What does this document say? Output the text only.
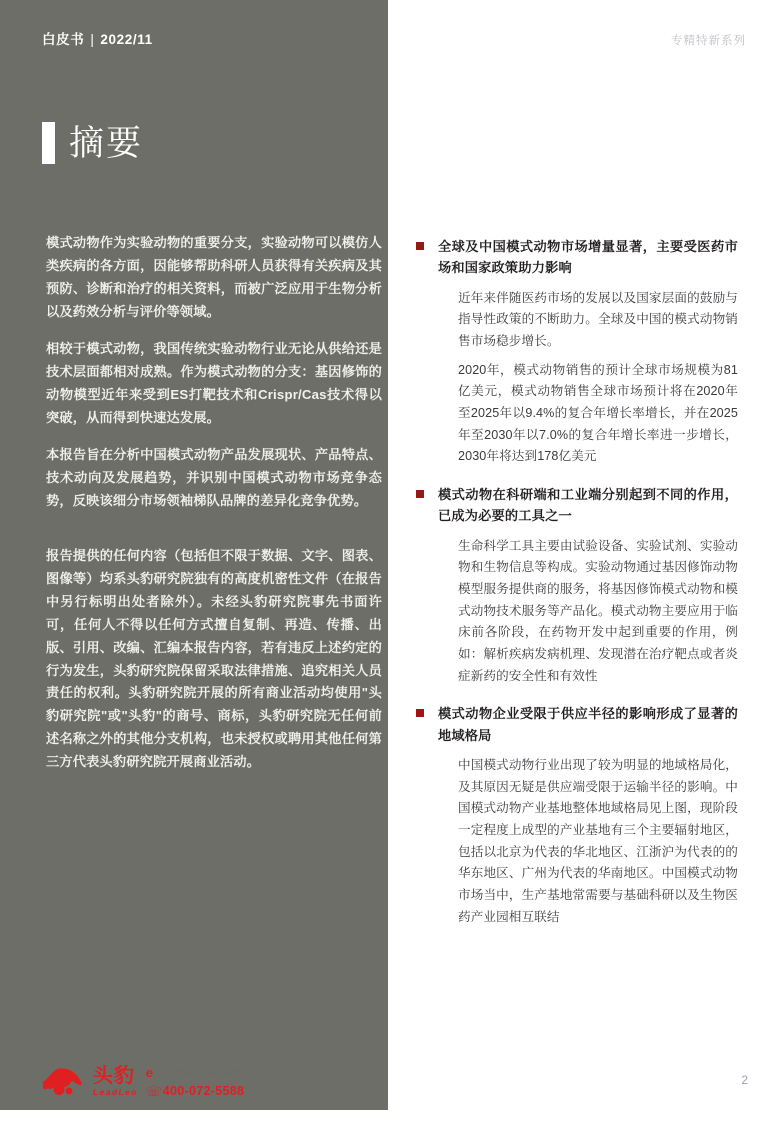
白皮书 | 2022/11	专精特新系列
摘要

模式动物作为实验动物的重要分支，实验动物可以模仿人类疾病的各方面，因能够帮助科研人员获得有关疾病及其预防、诊断和治疗的相关资料，而被广泛应用于生物分析以及药效分析与评价等领域。

相较于模式动物，我国传统实验动物行业无论从供给还是技术层面都相对成熟。作为模式动物的分支：基因修饰的动物模型近年来受到ES打靶技术和Crispr/Cas技术得以突破，从而得到快速达发展。

本报告旨在分析中国模式动物产品发展现状、产品特点、技术动向及发展趋势，并识别中国模式动物市场竞争态势，反映该细分市场领袖梯队品牌的差异化竞争优势。

报告提供的任何内容（包括但不限于数据、文字、图表、图像等）均系头豹研究院独有的高度机密性文件（在报告中另行标明出处者除外）。未经头豹研究院事先书面许可，任何人不得以任何方式擅自复制、再造、传播、出版、引用、改编、汇编本报告内容，若有违反上述约定的行为发生，头豹研究院保留采取法律措施、追究相关人员责任的权利。头豹研究院开展的所有商业活动均使用"头豹研究院"或"头豹"的商号、商标，头豹研究院无任何前述名称之外的其他分支机构，也未授权或聘用其他任何第三方代表头豹研究院开展商业活动。

全球及中国模式动物市场增量显著，主要受医药市场和国家政策助力影响

近年来伴随医药市场的发展以及国家层面的鼓励与指导性政策的不断助力。全球及中国的模式动物销售市场稳步增长。

2020年，模式动物销售的预计全球市场规模为81亿美元，模式动物销售全球市场预计将在2020年至2025年以9.4%的复合年增长率增长，并在2025年至2030年以7.0%的复合年增长率进一步增长，2030年将达到178亿美元

模式动物在科研端和工业端分别起到不同的作用，已成为必要的工具之一

生命科学工具主要由试验设备、实验试剂、实验动物和生物信息等构成。实验动物通过基因修饰动物模型服务提供商的服务，将基因修饰模式动物和模式动物技术服务等产品化。模式动物主要应用于临床前各阶段，在药物开发中起到重要的作用，例如：解析疾病发病机理、发现潜在治疗靶点或者炎症新药的安全性和有效性

模式动物企业受限于供应半径的影响形成了显著的地域格局

中国模式动物行业出现了较为明显的地域格局化，及其原因无疑是供应端受限于运输半径的影响。中国模式动物产业基地整体地域格局见上图，现阶段一定程度上成型的产业基地有三个主要辐射地区，包括以北京为代表的华北地区、江浙沪为代表的的华东地区、广州为代表的华南地区。中国模式动物市场当中，生产基地常需要与基础科研以及生物医药产业园相互联结

头豹
LeadLeo
e www.leadleo.com
☏ 400-072-5588
2
